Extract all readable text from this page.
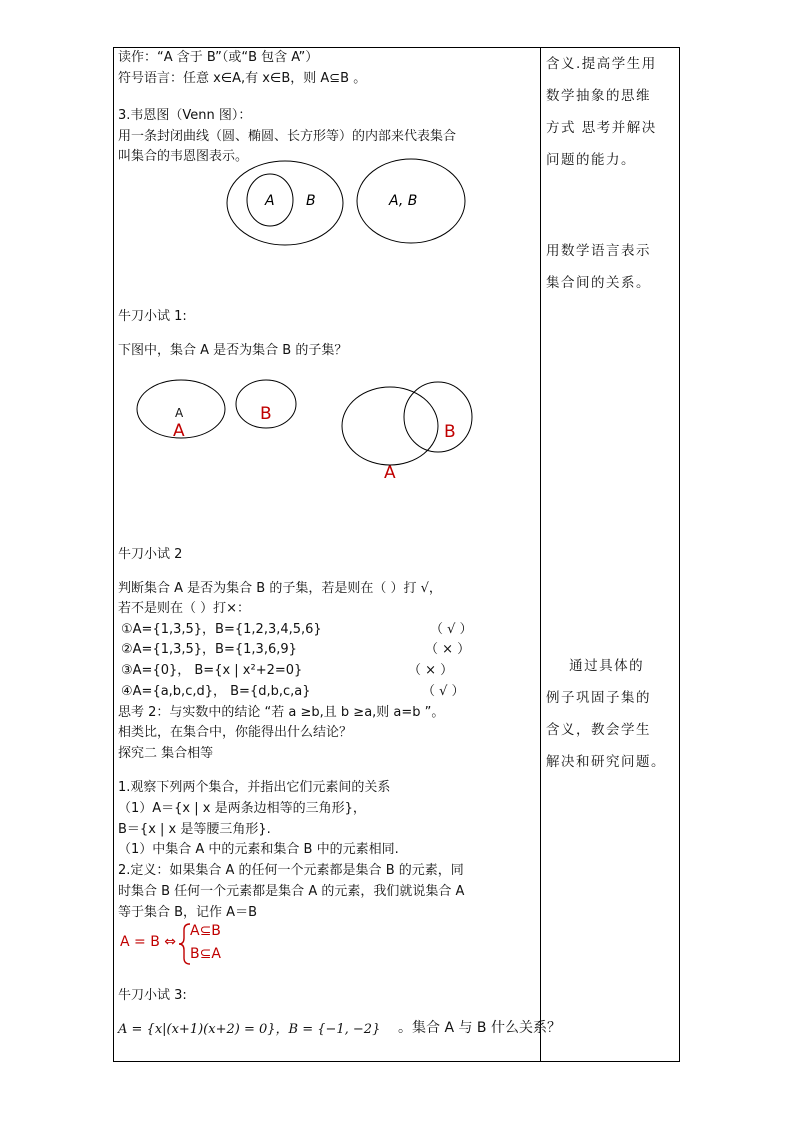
读作：“A 含于 B”（或“B 包含 A”）
符号语言：任意 x∈A,有 x∈B，则 A⊆B 。
3.韦恩图（Venn 图）：
用一条封闭曲线（圆、椭圆、长方形等）的内部来代表集合
叫集合的韦恩图表示。
A B	A, B
A
A
B
B
A
牛刀小试 1:
下图中，集合 A 是否为集合 B 的子集？
牛刀小试 2
判断集合 A 是否为集合 B 的子集，若是则在（ ）打 √，
若不是则在（ ）打×：
①A={1,3,5}，B={1,2,3,4,5,6}	（ √ ）
②A={1,3,5}，B={1,3,6,9}	（ × ）
③A={0}， B={x | x²+2=0}	（ × ）
④A={a,b,c,d}， B={d,b,c,a}	（ √ ）
思考 2：与实数中的结论 “若 a ≥b,且 b ≥a,则 a=b ”。
相类比，在集合中，你能得出什么结论？
探究二 集合相等
1.观察下列两个集合，并指出它们元素间的关系
（1）A＝{x | x 是两条边相等的三角形}，
B＝{x | x 是等腰三角形}.
（1）中集合 A 中的元素和集合 B 中的元素相同.
2.定义：如果集合 A 的任何一个元素都是集合 B 的元素，同
时集合 B 任何一个元素都是集合 A 的元素，我们就说集合 A
等于集合 B，记作 A＝B
A = B ⇔
A⊆B
B⊆A
牛刀小试 3:
A = {x|(x+1)(x+2) = 0}，B = {−1, −2} 。集合 A 与 B 什么关系？
含义.提高学生用
数学抽象的思维
方式 思考并解决
问题的能力。
用数学语言表示
集合间的关系。
通过具体的
例子巩固子集的
含义，教会学生
解决和研究问题。
